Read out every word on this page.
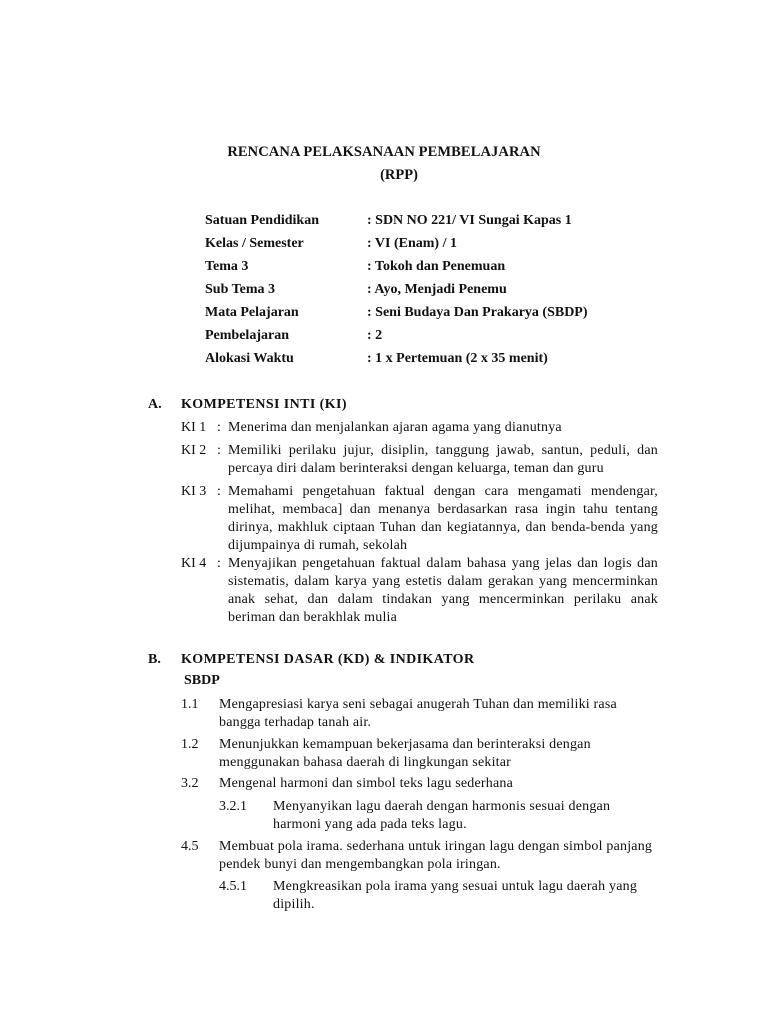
RENCANA PELAKSANAAN PEMBELAJARAN
(RPP)
Satuan Pendidikan	: SDN NO 221/ VI Sungai Kapas 1
Kelas / Semester	: VI (Enam) / 1
Tema 3	: Tokoh dan Penemuan
Sub Tema 3	: Ayo, Menjadi Penemu
Mata Pelajaran	: Seni Budaya Dan Prakarya (SBDP)
Pembelajaran	: 2
Alokasi Waktu	: 1 x Pertemuan (2 x 35 menit)
A. KOMPETENSI INTI (KI)
KI 1 : Menerima dan menjalankan ajaran agama yang dianutnya
KI 2 : Memiliki perilaku jujur, disiplin, tanggung jawab, santun, peduli, dan percaya diri dalam berinteraksi dengan keluarga, teman dan guru
KI 3 : Memahami pengetahuan faktual dengan cara mengamati mendengar, melihat, membaca] dan menanya berdasarkan rasa ingin tahu tentang dirinya, makhluk ciptaan Tuhan dan kegiatannya, dan benda-benda yang dijumpainya di rumah, sekolah
KI 4 : Menyajikan pengetahuan faktual dalam bahasa yang jelas dan logis dan sistematis, dalam karya yang estetis dalam gerakan yang mencerminkan anak sehat, dan dalam tindakan yang mencerminkan perilaku anak beriman dan berakhlak mulia
B. KOMPETENSI DASAR (KD) & INDIKATOR
SBDP
1.1 Mengapresiasi karya seni sebagai anugerah Tuhan dan memiliki rasa bangga terhadap tanah air.
1.2 Menunjukkan kemampuan bekerjasama dan berinteraksi dengan menggunakan bahasa daerah di lingkungan sekitar
3.2 Mengenal harmoni dan simbol teks lagu sederhana
3.2.1 Menyanyikan lagu daerah dengan harmonis sesuai dengan harmoni yang ada pada teks lagu.
4.5 Membuat pola irama. sederhana untuk iringan lagu dengan simbol panjang pendek bunyi dan mengembangkan pola iringan.
4.5.1 Mengkreasikan pola irama yang sesuai untuk lagu daerah yang dipilih.
